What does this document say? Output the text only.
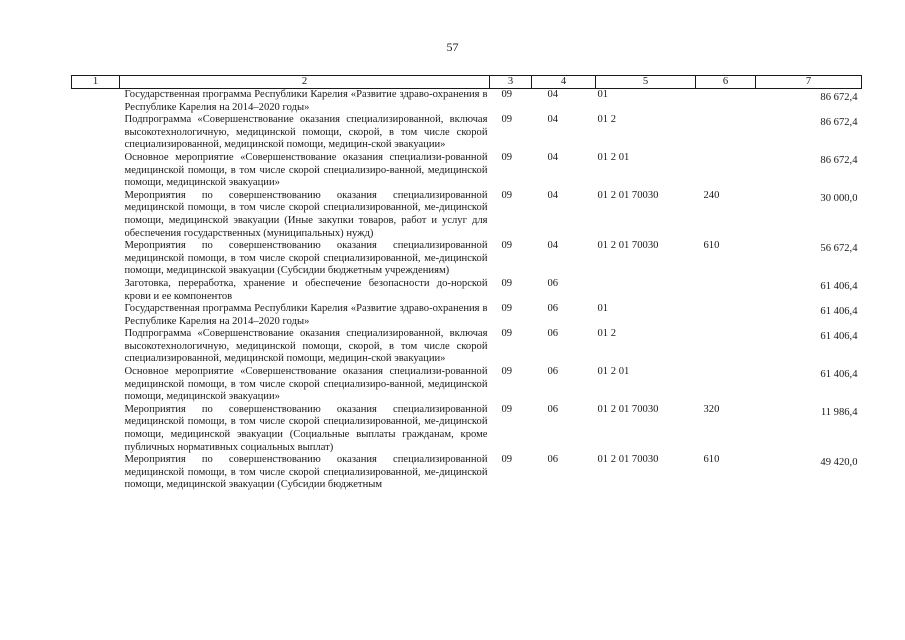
57
1	2	3	4	5	6	7
	Государственная программа Республики Карелия «Развитие здраво-охранения в Республике Карелия на 2014–2020 годы»	09	04	01		86 672,4
	Подпрограмма «Совершенствование оказания специализированной, включая высокотехнологичную, медицинской помощи, скорой, в том числе скорой специализированной, медицинской помощи, медицин-ской эвакуации»	09	04	01 2		86 672,4
	Основное мероприятие «Совершенствование оказания специализи-рованной медицинской помощи, в том числе скорой специализиро-ванной, медицинской помощи, медицинской эвакуации»	09	04	01 2 01		86 672,4
	Мероприятия по совершенствованию оказания специализированной медицинской помощи, в том числе скорой специализированной, ме-дицинской помощи, медицинской эвакуации (Иные закупки товаров, работ и услуг для обеспечения государственных (муниципальных) нужд)	09	04	01 2 01 70030	240	30 000,0
	Мероприятия по совершенствованию оказания специализированной медицинской помощи, в том числе скорой специализированной, ме-дицинской помощи, медицинской эвакуации (Субсидии бюджетным учреждениям)	09	04	01 2 01 70030	610	56 672,4
	Заготовка, переработка, хранение и обеспечение безопасности до-норской крови и ее компонентов	09	06			61 406,4
	Государственная программа Республики Карелия «Развитие здраво-охранения в Республике Карелия на 2014–2020 годы»	09	06	01		61 406,4
	Подпрограмма «Совершенствование оказания специализированной, включая высокотехнологичную, медицинской помощи, скорой, в том числе скорой специализированной, медицинской помощи, медицин-ской эвакуации»	09	06	01 2		61 406,4
	Основное мероприятие «Совершенствование оказания специализи-рованной медицинской помощи, в том числе скорой специализиро-ванной, медицинской помощи, медицинской эвакуации»	09	06	01 2 01		61 406,4
	Мероприятия по совершенствованию оказания специализированной медицинской помощи, в том числе скорой специализированной, ме-дицинской помощи, медицинской эвакуации (Социальные выплаты гражданам, кроме публичных нормативных социальных выплат)	09	06	01 2 01 70030	320	11 986,4
	Мероприятия по совершенствованию оказания специализированной медицинской помощи, в том числе скорой специализированной, ме-дицинской помощи, медицинской эвакуации (Субсидии бюджетным	09	06	01 2 01 70030	610	49 420,0
